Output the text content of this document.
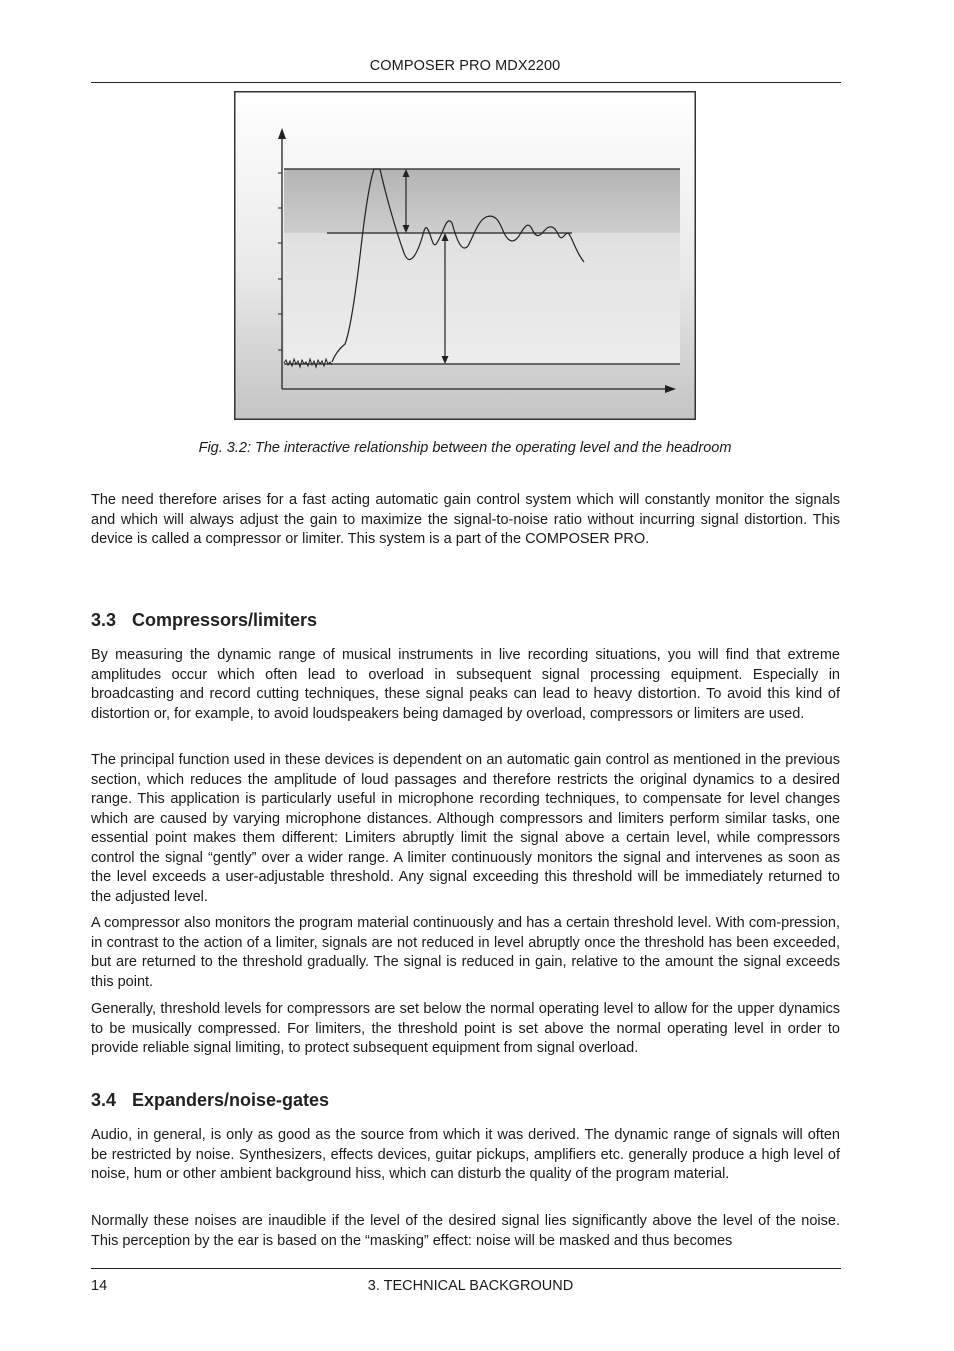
COMPOSER PRO MDX2200
Fig. 3.2: The interactive relationship between the operating level and the headroom

The need therefore arises for a fast acting automatic gain control system which will constantly monitor the signals and which will always adjust the gain to maximize the signal-to-noise ratio without incurring signal distortion. This device is called a compressor or limiter. This system is a part of the COMPOSER PRO.

3.3 Compressors/limiters

By measuring the dynamic range of musical instruments in live recording situations, you will find that extreme amplitudes occur which often lead to overload in subsequent signal processing equipment. Especially in broadcasting and record cutting techniques, these signal peaks can lead to heavy distortion. To avoid this kind of distortion or, for example, to avoid loudspeakers being damaged by overload, compressors or limiters are used.

The principal function used in these devices is dependent on an automatic gain control as mentioned in the previous section, which reduces the amplitude of loud passages and therefore restricts the original dynamics to a desired range. This application is particularly useful in microphone recording techniques, to compensate for level changes which are caused by varying microphone distances. Although compressors and limiters perform similar tasks, one essential point makes them different: Limiters abruptly limit the signal above a certain level, while compressors control the signal “gently” over a wider range. A limiter continuously monitors the signal and intervenes as soon as the level exceeds a user-adjustable threshold. Any signal exceeding this threshold will be immediately returned to the adjusted level.

A compressor also monitors the program material continuously and has a certain threshold level. With com-pression, in contrast to the action of a limiter, signals are not reduced in level abruptly once the threshold has been exceeded, but are returned to the threshold gradually. The signal is reduced in gain, relative to the amount the signal exceeds this point.

Generally, threshold levels for compressors are set below the normal operating level to allow for the upper dynamics to be musically compressed. For limiters, the threshold point is set above the normal operating level in order to provide reliable signal limiting, to protect subsequent equipment from signal overload.

3.4 Expanders/noise-gates

Audio, in general, is only as good as the source from which it was derived. The dynamic range of signals will often be restricted by noise. Synthesizers, effects devices, guitar pickups, amplifiers etc. generally produce a high level of noise, hum or other ambient background hiss, which can disturb the quality of the program material.

Normally these noises are inaudible if the level of the desired signal lies significantly above the level of the noise. This perception by the ear is based on the “masking” effect: noise will be masked and thus becomes

14	3. TECHNICAL BACKGROUND
